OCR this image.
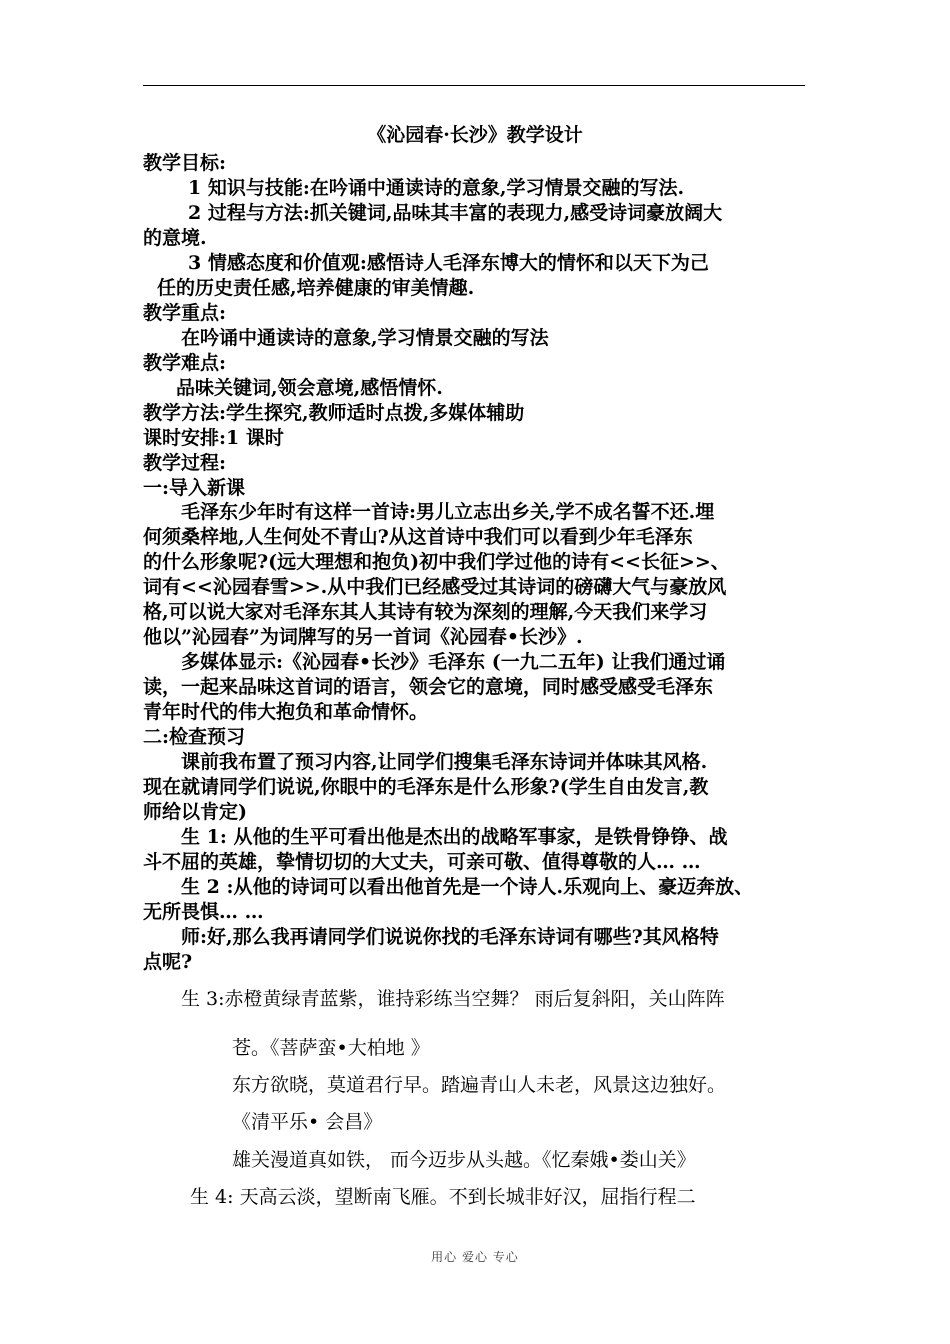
《沁园春·长沙》教学设计
教学目标:
1 知识与技能:在吟诵中通读诗的意象,学习情景交融的写法.
2 过程与方法:抓关键词,品味其丰富的表现力,感受诗词豪放阔大
的意境.
3 情感态度和价值观:感悟诗人毛泽东博大的情怀和以天下为己
任的历史责任感,培养健康的审美情趣.
教学重点:
在吟诵中通读诗的意象,学习情景交融的写法
教学难点:
品味关键词,领会意境,感悟情怀.
教学方法:学生探究,教师适时点拨,多媒体辅助
课时安排:1 课时
教学过程:
一:导入新课
毛泽东少年时有这样一首诗:男儿立志出乡关,学不成名誓不还.埋
何须桑梓地,人生何处不青山?从这首诗中我们可以看到少年毛泽东
的什么形象呢?(远大理想和抱负)初中我们学过他的诗有<<长征>>、
词有<<沁园春雪>>.从中我们已经感受过其诗词的磅礴大气与豪放风
格,可以说大家对毛泽东其人其诗有较为深刻的理解,今天我们来学习
他以”沁园春”为词牌写的另一首词《沁园春•长沙》.
多媒体显示:《沁园春•长沙》毛泽东 (一九二五年) 让我们通过诵
读，一起来品味这首词的语言，领会它的意境，同时感受感受毛泽东
青年时代的伟大抱负和革命情怀。
二:检查预习
课前我布置了预习内容,让同学们搜集毛泽东诗词并体味其风格.
现在就请同学们说说,你眼中的毛泽东是什么形象?(学生自由发言,教
师给以肯定)
生 1: 从他的生平可看出他是杰出的战略军事家，是铁骨铮铮、战
斗不屈的英雄，挚情切切的大丈夫，可亲可敬、值得尊敬的人… …
生 2 :从他的诗词可以看出他首先是一个诗人.乐观向上、豪迈奔放、
无所畏惧… …
师:好,那么我再请同学们说说你找的毛泽东诗词有哪些?其风格特
点呢?
生 3:赤橙黄绿青蓝紫，谁持彩练当空舞？ 雨后复斜阳，关山阵阵
苍。《菩萨蛮•大柏地 》
东方欲晓，莫道君行早。踏遍青山人未老，风景这边独好。
《清平乐• 会昌》
雄关漫道真如铁， 而今迈步从头越。《忆秦娥•娄山关》
生 4: 天高云淡，望断南飞雁。不到长城非好汉，屈指行程二
用心 爱心 专心
